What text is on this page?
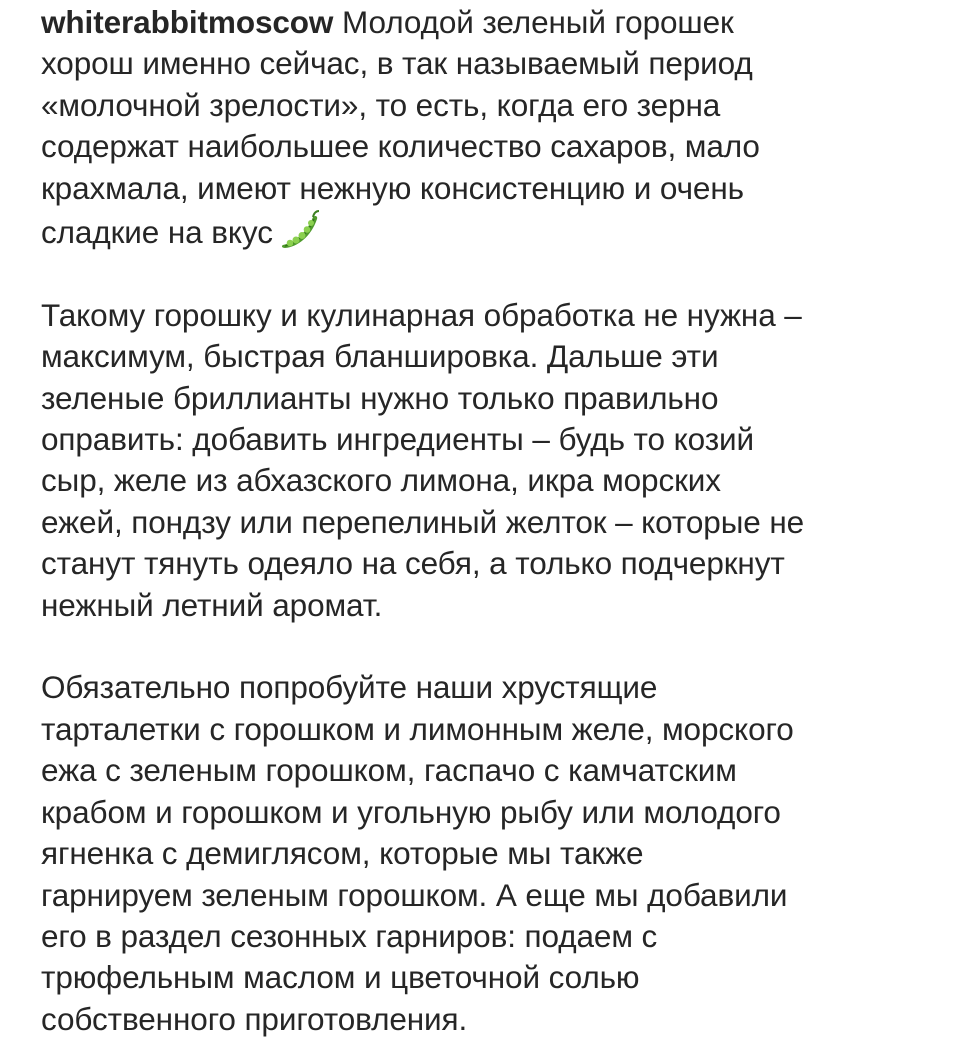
whiterabbitmoscow Молодой зеленый горошек
хорош именно сейчас, в так называемый период
«молочной зрелости», то есть, когда его зерна
содержат наибольшее количество сахаров, мало
крахмала, имеют нежную консистенцию и очень
сладкие на вкус

Такому горошку и кулинарная обработка не нужна –
максимум, быстрая бланшировка. Дальше эти
зеленые бриллианты нужно только правильно
оправить: добавить ингредиенты – будь то козий
сыр, желе из абхазского лимона, икра морских
ежей, пондзу или перепелиный желток – которые не
станут тянуть одеяло на себя, а только подчеркнут
нежный летний аромат.

Обязательно попробуйте наши хрустящие
тарталетки с горошком и лимонным желе, морского
ежа с зеленым горошком, гаспачо с камчатским
крабом и горошком и угольную рыбу или молодого
ягненка с демиглясом, которые мы также
гарнируем зеленым горошком. А еще мы добавили
его в раздел сезонных гарниров: подаем с
трюфельным маслом и цветочной солью
собственного приготовления.
